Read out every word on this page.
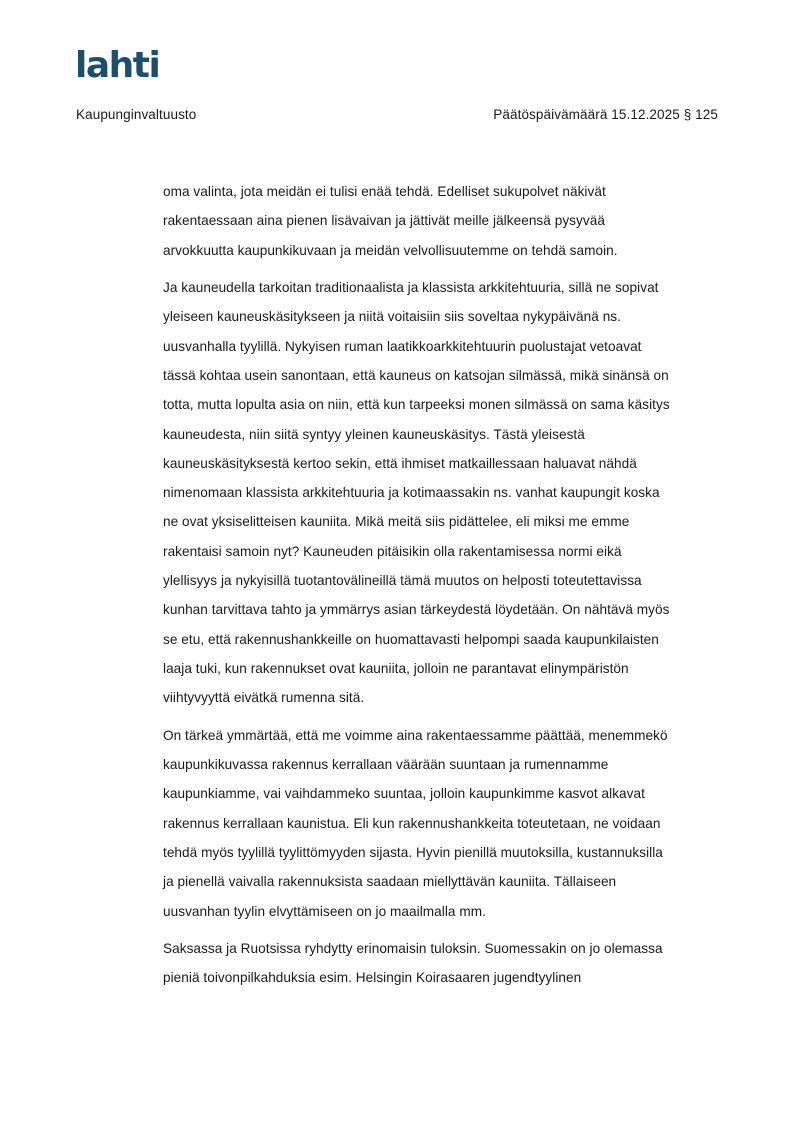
lahti
Kaupunginvaltuusto	Päätöspäivämäärä 15.12.2025 § 125
oma valinta, jota meidän ei tulisi enää tehdä. Edelliset sukupolvet näkivät
rakentaessaan aina pienen lisävaivan ja jättivät meille jälkeensä pysyvää
arvokkuutta kaupunkikuvaan ja meidän velvollisuutemme on tehdä samoin.
Ja kauneudella tarkoitan traditionaalista ja klassista arkkitehtuuria, sillä ne sopivat
yleiseen kauneuskäsitykseen ja niitä voitaisiin siis soveltaa nykypäivänä ns.
uusvanhalla tyylillä. Nykyisen ruman laatikkoarkkitehtuurin puolustajat vetoavat
tässä kohtaa usein sanontaan, että kauneus on katsojan silmässä, mikä sinänsä on
totta, mutta lopulta asia on niin, että kun tarpeeksi monen silmässä on sama käsitys
kauneudesta, niin siitä syntyy yleinen kauneuskäsitys. Tästä yleisestä
kauneuskäsityksestä kertoo sekin, että ihmiset matkaillessaan haluavat nähdä
nimenomaan klassista arkkitehtuuria ja kotimaassakin ns. vanhat kaupungit koska
ne ovat yksiselitteisen kauniita. Mikä meitä siis pidättelee, eli miksi me emme
rakentaisi samoin nyt? Kauneuden pitäisikin olla rakentamisessa normi eikä
ylellisyys ja nykyisillä tuotantovälineillä tämä muutos on helposti toteutettavissa
kunhan tarvittava tahto ja ymmärrys asian tärkeydestä löydetään. On nähtävä myös
se etu, että rakennushankkeille on huomattavasti helpompi saada kaupunkilaisten
laaja tuki, kun rakennukset ovat kauniita, jolloin ne parantavat elinympäristön
viihtyvyyttä eivätkä rumenna sitä.
On tärkeä ymmärtää, että me voimme aina rakentaessamme päättää, menemmekö
kaupunkikuvassa rakennus kerrallaan väärään suuntaan ja rumennamme
kaupunkiamme, vai vaihdammeko suuntaa, jolloin kaupunkimme kasvot alkavat
rakennus kerrallaan kaunistua. Eli kun rakennushankkeita toteutetaan, ne voidaan
tehdä myös tyylillä tyylittömyyden sijasta. Hyvin pienillä muutoksilla, kustannuksilla
ja pienellä vaivalla rakennuksista saadaan miellyttävän kauniita. Tällaiseen
uusvanhan tyylin elvyttämiseen on jo maailmalla mm.
Saksassa ja Ruotsissa ryhdytty erinomaisin tuloksin. Suomessakin on jo olemassa
pieniä toivonpilkahduksia esim. Helsingin Koirasaaren jugendtyylinen
